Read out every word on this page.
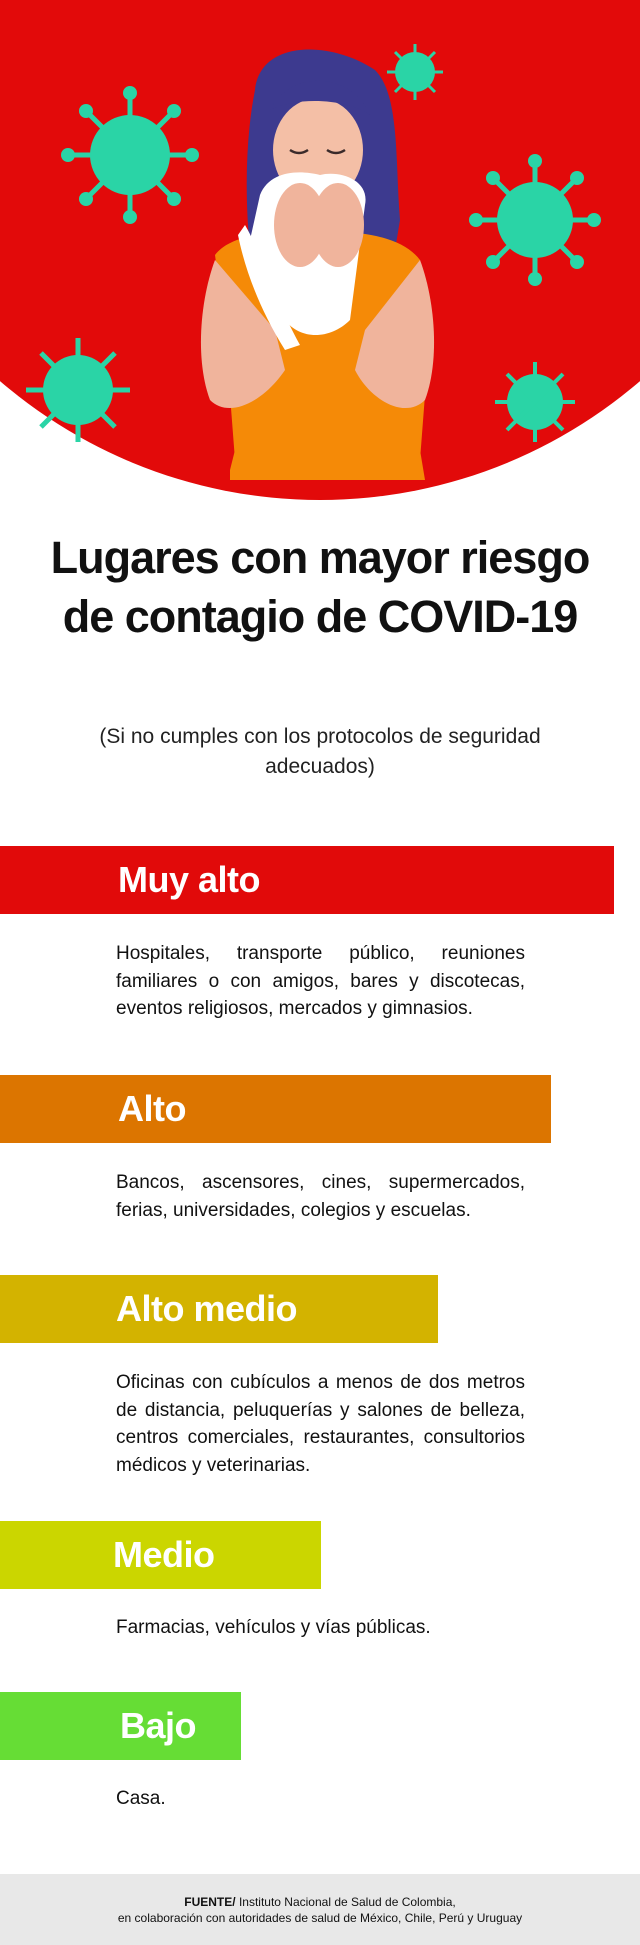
Lugares con mayor riesgo de contagio de COVID-19
(Si no cumples con los protocolos de seguridad adecuados)
Muy alto
Hospitales, transporte público, reuniones familiares o con amigos, bares y discotecas, eventos religiosos, mercados y gimnasios.
Alto
Bancos, ascensores, cines, supermercados, ferias, universidades, colegios y escuelas.
Alto medio
Oficinas con cubículos a menos de dos metros de distancia, peluquerías y salones de belleza, centros comerciales, restaurantes, consultorios médicos y veterinarias.
Medio
Farmacias, vehículos y vías públicas.
Bajo
Casa.
FUENTE/ Instituto Nacional de Salud de Colombia,
en colaboración con autoridades de salud de México, Chile, Perú y Uruguay
